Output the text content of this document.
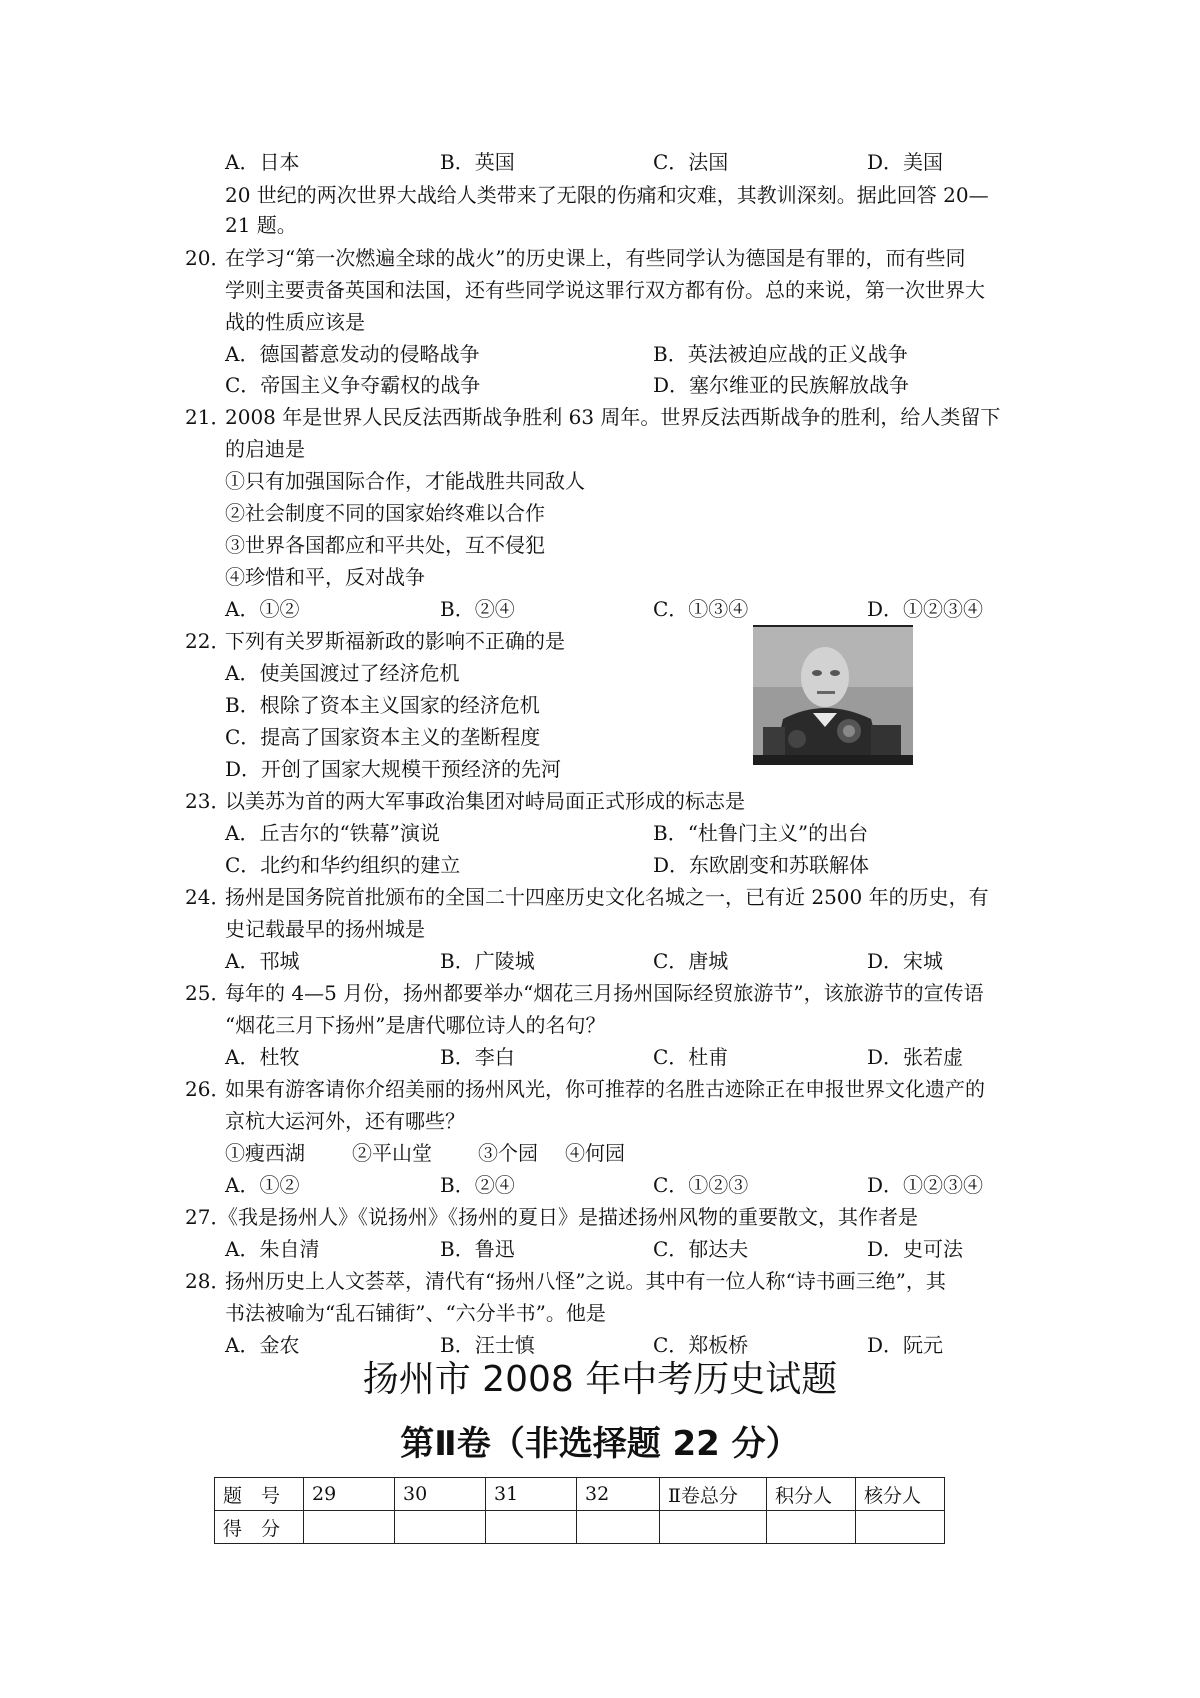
A．日本	B．英国	C．法国	D．美国
20 世纪的两次世界大战给人类带来了无限的伤痛和灾难，其教训深刻。据此回答 20—
21 题。
20．
在学习“第一次燃遍全球的战火”的历史课上，有些同学认为德国是有罪的，而有些同
学则主要责备英国和法国，还有些同学说这罪行双方都有份。总的来说，第一次世界大
战的性质应该是
A．德国蓄意发动的侵略战争	B．英法被迫应战的正义战争
C．帝国主义争夺霸权的战争	D．塞尔维亚的民族解放战争
21．
2008 年是世界人民反法西斯战争胜利 63 周年。世界反法西斯战争的胜利，给人类留下
的启迪是
①只有加强国际合作，才能战胜共同敌人
②社会制度不同的国家始终难以合作
③世界各国都应和平共处，互不侵犯
④珍惜和平，反对战争
A．①②	B．②④	C．①③④	D．①②③④
22．
下列有关罗斯福新政的影响不正确的是
A．使美国渡过了经济危机
B．根除了资本主义国家的经济危机
C．提高了国家资本主义的垄断程度
D．开创了国家大规模干预经济的先河
23．
以美苏为首的两大军事政治集团对峙局面正式形成的标志是
A．丘吉尔的“铁幕”演说	B．“杜鲁门主义”的出台
C．北约和华约组织的建立	D．东欧剧变和苏联解体
24．
扬州是国务院首批颁布的全国二十四座历史文化名城之一，已有近 2500 年的历史，有
史记载最早的扬州城是
A．邗城	B．广陵城	C．唐城	D．宋城
25．
每年的 4—5 月份，扬州都要举办“烟花三月扬州国际经贸旅游节”，该旅游节的宣传语
“烟花三月下扬州”是唐代哪位诗人的名句？
A．杜牧	B．李白	C．杜甫	D．张若虚
26．
如果有游客请你介绍美丽的扬州风光，你可推荐的名胜古迹除正在申报世界文化遗产的
京杭大运河外，还有哪些？
①瘦西湖 ②平山堂 ③个园 ④何园
A．①②	B．②④	C．①②③	D．①②③④
27．
《我是扬州人》《说扬州》《扬州的夏日》是描述扬州风物的重要散文，其作者是
A．朱自清	B．鲁迅	C．郁达夫	D．史可法
28．
扬州历史上人文荟萃，清代有“扬州八怪”之说。其中有一位人称“诗书画三绝”，其
书法被喻为“乱石铺街”、“六分半书”。他是
A．金农	B．汪士慎	C．郑板桥	D．阮元
扬州市 2008 年中考历史试题
第Ⅱ卷（非选择题 22 分）
题　号	29	30	31	32	Ⅱ卷总分	积分人	核分人
得　分							
